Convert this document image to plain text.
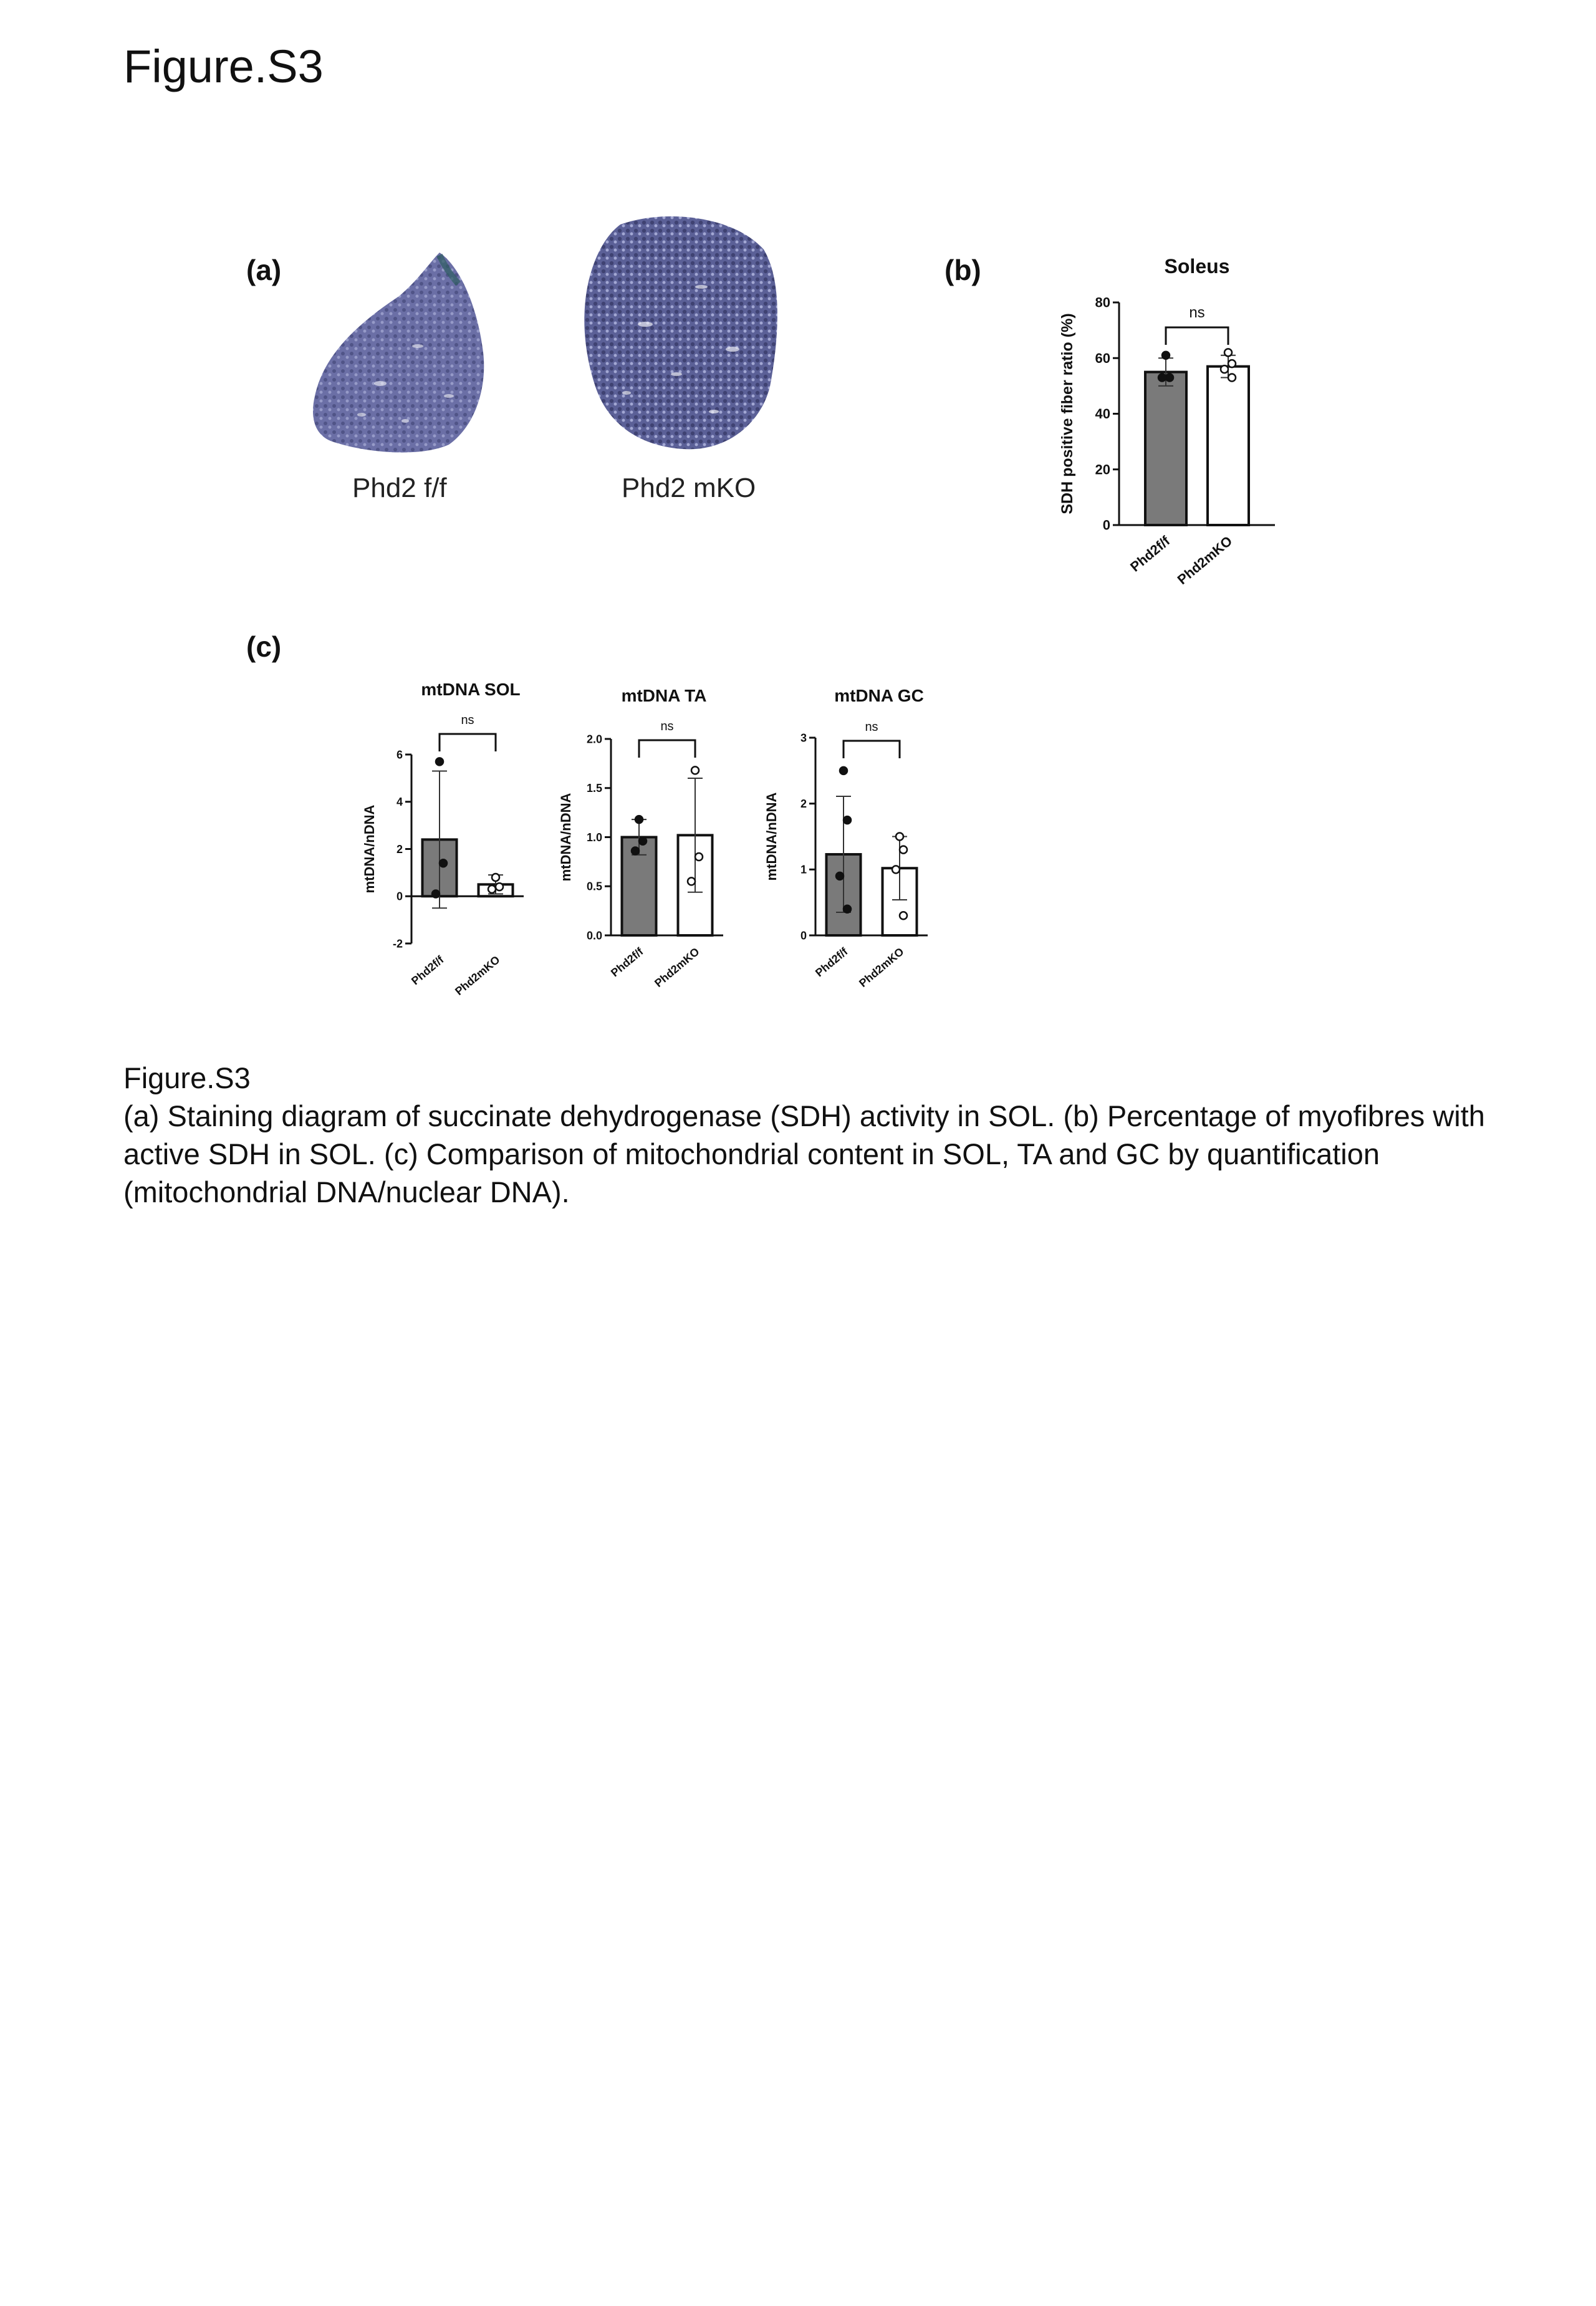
Figure.S3
(a)	(b)
(c)
Phd2 f/f	Phd2 mKO
Soleus
SDH positive fiber ratio (%)
0
20
40
60
80
Phd2f/f Phd2mKO
ns
mtDNA SOL
mtDNA/nDNA
-2
0
2
4
6
Phd2f/f Phd2mKO
ns
mtDNA TA
mtDNA/nDNA
0.0
0.5
1.0
1.5
2.0
Phd2f/f Phd2mKO
ns
mtDNA GC
mtDNA/nDNA
0
1
2
3
Phd2f/f Phd2mKO
ns
Figure.S3
(a) Staining diagram of succinate dehydrogenase (SDH) activity in SOL. (b) Percentage of myofibres with
active SDH in SOL. (c) Comparison of mitochondrial content in SOL, TA and GC by quantification
(mitochondrial DNA/nuclear DNA).
